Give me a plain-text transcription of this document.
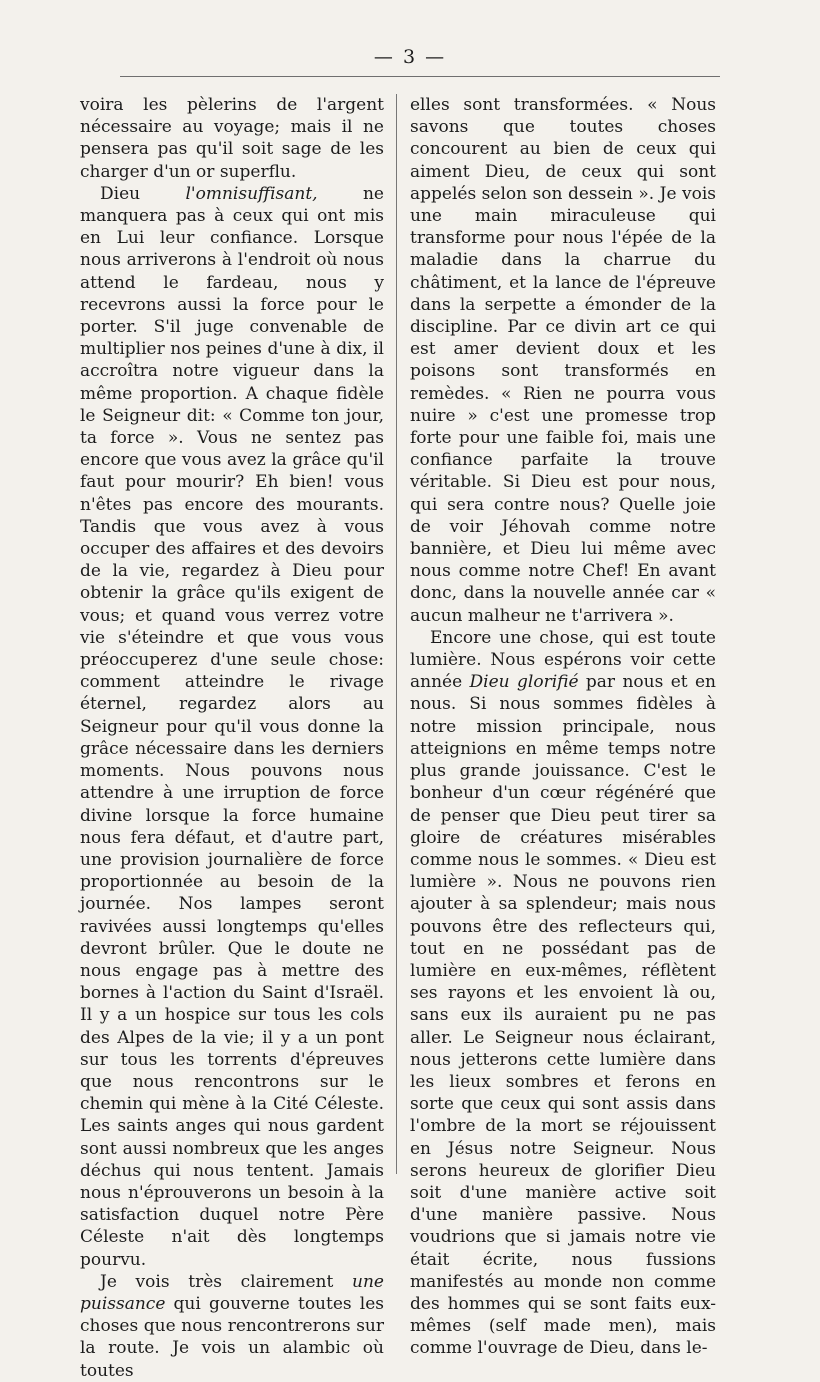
— 3 —

voira les pèlerins de l'argent nécessaire au voyage; mais il ne pensera pas qu'il soit sage de les charger d'un or superflu.

Dieu l'omnisuffisant, ne manquera pas à ceux qui ont mis en Lui leur confiance. Lorsque nous arriverons à l'endroit où nous attend le fardeau, nous y recevrons aussi la force pour le porter. S'il juge convenable de multiplier nos peines d'une à dix, il accroîtra notre vigueur dans la même proportion. A chaque fidèle le Seigneur dit: « Comme ton jour, ta force ». Vous ne sentez pas encore que vous avez la grâce qu'il faut pour mourir? Eh bien! vous n'êtes pas encore des mourants. Tandis que vous avez à vous occuper des affaires et des devoirs de la vie, regardez à Dieu pour obtenir la grâce qu'ils exigent de vous; et quand vous verrez votre vie s'éteindre et que vous vous préoccuperez d'une seule chose: comment atteindre le rivage éternel, regardez alors au Seigneur pour qu'il vous donne la grâce nécessaire dans les derniers moments. Nous pouvons nous attendre à une irruption de force divine lorsque la force humaine nous fera défaut, et d'autre part, une provision journalière de force proportionnée au besoin de la journée. Nos lampes seront ravivées aussi longtemps qu'elles devront brûler. Que le doute ne nous engage pas à mettre des bornes à l'action du Saint d'Israël. Il y a un hospice sur tous les cols des Alpes de la vie; il y a un pont sur tous les torrents d'épreuves que nous rencontrons sur le chemin qui mène à la Cité Céleste. Les saints anges qui nous gardent sont aussi nombreux que les anges déchus qui nous tentent. Jamais nous n'éprouverons un besoin à la satisfaction duquel notre Père Céleste n'ait dès longtemps pourvu.

Je vois très clairement une puissance qui gouverne toutes les choses que nous rencontrerons sur la route. Je vois un alambic où toutes

elles sont transformées. « Nous savons que toutes choses concourent au bien de ceux qui aiment Dieu, de ceux qui sont appelés selon son dessein ». Je vois une main miraculeuse qui transforme pour nous l'épée de la maladie dans la charrue du châtiment, et la lance de l'épreuve dans la serpette a émonder de la discipline. Par ce divin art ce qui est amer devient doux et les poisons sont transformés en remèdes. « Rien ne pourra vous nuire » c'est une promesse trop forte pour une faible foi, mais une confiance parfaite la trouve véritable. Si Dieu est pour nous, qui sera contre nous? Quelle joie de voir Jéhovah comme notre bannière, et Dieu lui même avec nous comme notre Chef! En avant donc, dans la nouvelle année car « aucun malheur ne t'arrivera ».

Encore une chose, qui est toute lumière. Nous espérons voir cette année Dieu glorifié par nous et en nous. Si nous sommes fidèles à notre mission principale, nous atteignions en même temps notre plus grande jouissance. C'est le bonheur d'un cœur régénéré que de penser que Dieu peut tirer sa gloire de créatures misérables comme nous le sommes. « Dieu est lumière ». Nous ne pouvons rien ajouter à sa splendeur; mais nous pouvons être des reflecteurs qui, tout en ne possédant pas de lumière en eux-mêmes, réflètent ses rayons et les envoient là ou, sans eux ils auraient pu ne pas aller. Le Seigneur nous éclairant, nous jetterons cette lumière dans les lieux sombres et ferons en sorte que ceux qui sont assis dans l'ombre de la mort se réjouissent en Jésus notre Seigneur. Nous serons heureux de glorifier Dieu soit d'une manière active soit d'une manière passive. Nous voudrions que si jamais notre vie était écrite, nous fussions manifestés au monde non comme des hommes qui se sont faits eux-mêmes (self made men), mais comme l'ouvrage de Dieu, dans le-
